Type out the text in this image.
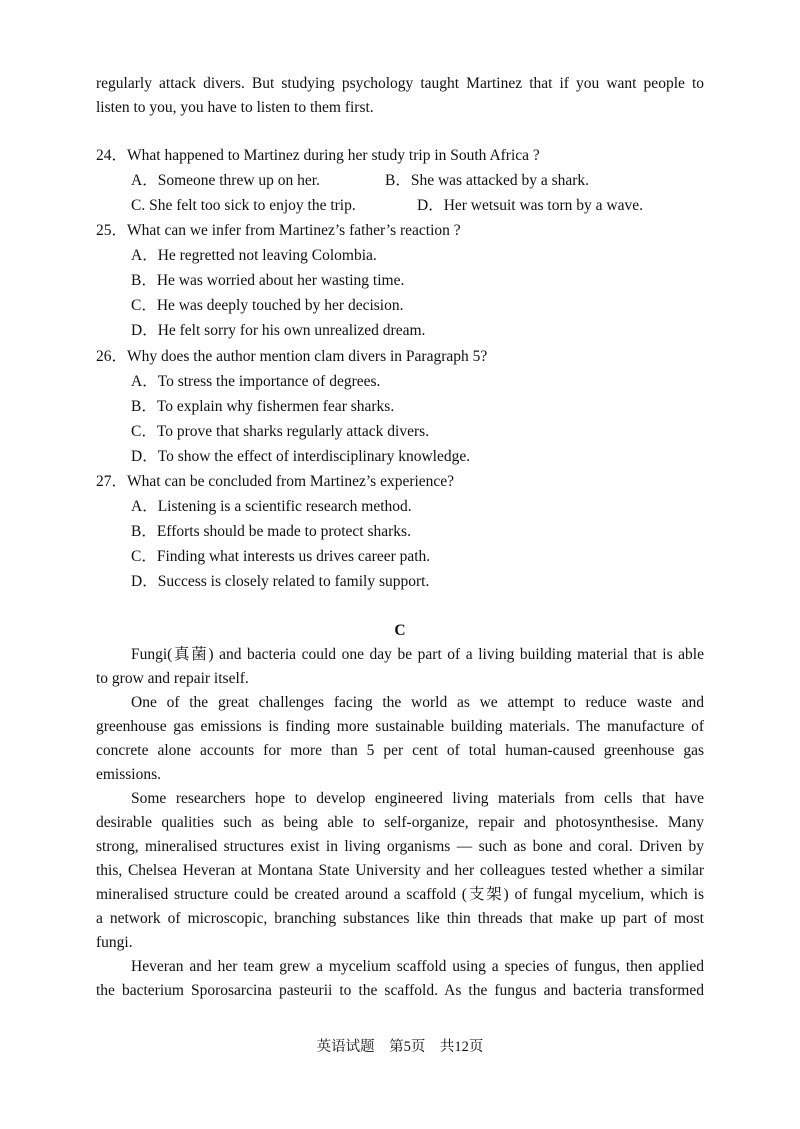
regularly attack divers. But studying psychology taught Martinez that if you want people to
listen to you, you have to listen to them first.
24．What happened to Martinez during her study trip in South Africa ?
A．Someone threw up on her.	B．She was attacked by a shark.
C. She felt too sick to enjoy the trip.	D．Her wetsuit was torn by a wave.
25．What can we infer from Martinez’s father’s reaction ?
A．He regretted not leaving Colombia.
B．He was worried about her wasting time.
C．He was deeply touched by her decision.
D．He felt sorry for his own unrealized dream.
26．Why does the author mention clam divers in Paragraph 5?
A．To stress the importance of degrees.
B．To explain why fishermen fear sharks.
C．To prove that sharks regularly attack divers.
D．To show the effect of interdisciplinary knowledge.
27．What can be concluded from Martinez’s experience?
A．Listening is a scientific research method.
B．Efforts should be made to protect sharks.
C．Finding what interests us drives career path.
D．Success is closely related to family support.
C
Fungi(真菌) and bacteria could one day be part of a living building material that is able
to grow and repair itself.
One of the great challenges facing the world as we attempt to reduce waste and
greenhouse gas emissions is finding more sustainable building materials. The manufacture of
concrete alone accounts for more than 5 per cent of total human-caused greenhouse gas
emissions.
Some researchers hope to develop engineered living materials from cells that have
desirable qualities such as being able to self-organize, repair and photosynthesise. Many
strong, mineralised structures exist in living organisms — such as bone and coral. Driven by
this, Chelsea Heveran at Montana State University and her colleagues tested whether a similar
mineralised structure could be created around a scaffold (支架) of fungal mycelium, which is
a network of microscopic, branching substances like thin threads that make up part of most
fungi.
Heveran and her team grew a mycelium scaffold using a species of fungus, then applied
the bacterium Sporosarcina pasteurii to the scaffold. As the fungus and bacteria transformed
英语试题　第5页　共12页
